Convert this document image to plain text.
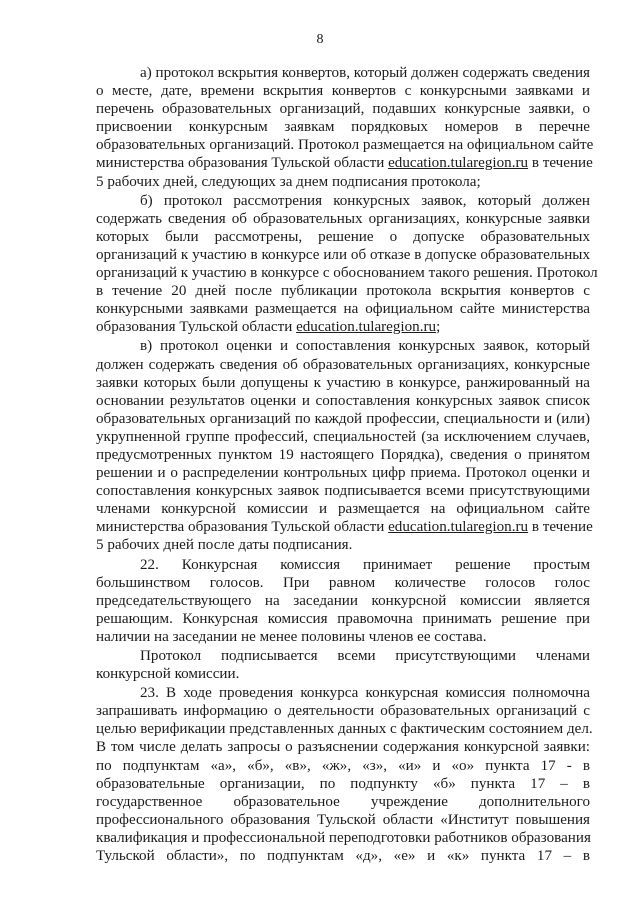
8
а) протокол вскрытия конвертов, который должен содержать сведения
о месте, дате, времени вскрытия конвертов с конкурсными заявками и
перечень образовательных организаций, подавших конкурсные заявки, о
присвоении конкурсным заявкам порядковых номеров в перечне
образовательных организаций. Протокол размещается на официальном сайте
министерства образования Тульской области education.tularegion.ru в течение
5 рабочих дней, следующих за днем подписания протокола;
б) протокол рассмотрения конкурсных заявок, который должен
содержать сведения об образовательных организациях, конкурсные заявки
которых были рассмотрены, решение о допуске образовательных
организаций к участию в конкурсе или об отказе в допуске образовательных
организаций к участию в конкурсе с обоснованием такого решения. Протокол
в течение 20 дней после публикации протокола вскрытия конвертов с
конкурсными заявками размещается на официальном сайте министерства
образования Тульской области education.tularegion.ru;
в) протокол оценки и сопоставления конкурсных заявок, который
должен содержать сведения об образовательных организациях, конкурсные
заявки которых были допущены к участию в конкурсе, ранжированный на
основании результатов оценки и сопоставления конкурсных заявок список
образовательных организаций по каждой профессии, специальности и (или)
укрупненной группе профессий, специальностей (за исключением случаев,
предусмотренных пунктом 19 настоящего Порядка), сведения о принятом
решении и о распределении контрольных цифр приема. Протокол оценки и
сопоставления конкурсных заявок подписывается всеми присутствующими
членами конкурсной комиссии и размещается на официальном сайте
министерства образования Тульской области education.tularegion.ru в течение
5 рабочих дней после даты подписания.
22. Конкурсная комиссия принимает решение простым
большинством голосов. При равном количестве голосов голос
председательствующего на заседании конкурсной комиссии является
решающим. Конкурсная комиссия правомочна принимать решение при
наличии на заседании не менее половины членов ее состава.
Протокол подписывается всеми присутствующими членами
конкурсной комиссии.
23. В ходе проведения конкурса конкурсная комиссия полномочна
запрашивать информацию о деятельности образовательных организаций с
целью верификации представленных данных с фактическим состоянием дел.
В том числе делать запросы о разъяснении содержания конкурсной заявки:
по подпунктам «а», «б», «в», «ж», «з», «и» и «о» пункта 17 - в
образовательные организации, по подпункту «б» пункта 17 – в
государственное образовательное учреждение дополнительного
профессионального образования Тульской области «Институт повышения
квалификация и профессиональной переподготовки работников образования
Тульской области», по подпунктам «д», «е» и «к» пункта 17 – в
